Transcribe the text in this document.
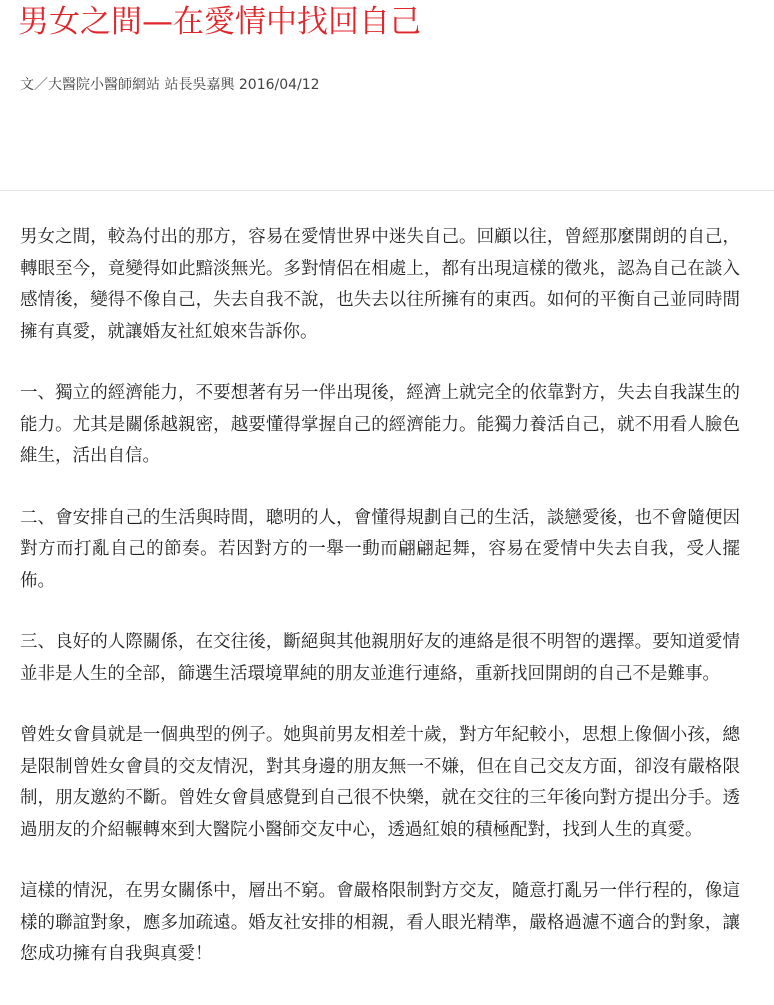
男女之間—在愛情中找回自己
文／大醫院小醫師網站 站長吳嘉興 2016/04/12

男女之間，較為付出的那方，容易在愛情世界中迷失自己。回顧以往，曾經那麼開朗的自己，轉眼至今，竟變得如此黯淡無光。多對情侶在相處上，都有出現這樣的徵兆，認為自己在談入感情後，變得不像自己，失去自我不說，也失去以往所擁有的東西。如何的平衡自己並同時間擁有真愛，就讓婚友社紅娘來告訴你。

一、獨立的經濟能力，不要想著有另一伴出現後，經濟上就完全的依靠對方，失去自我謀生的能力。尤其是關係越親密，越要懂得掌握自己的經濟能力。能獨力養活自己，就不用看人臉色維生，活出自信。

二、會安排自己的生活與時間，聰明的人，會懂得規劃自己的生活，談戀愛後，也不會隨便因對方而打亂自己的節奏。若因對方的一舉一動而翩翩起舞，容易在愛情中失去自我，受人擺佈。

三、良好的人際關係，在交往後，斷絕與其他親朋好友的連絡是很不明智的選擇。要知道愛情並非是人生的全部，篩選生活環境單純的朋友並進行連絡，重新找回開朗的自己不是難事。

曾姓女會員就是一個典型的例子。她與前男友相差十歲，對方年紀較小，思想上像個小孩，總是限制曾姓女會員的交友情況，對其身邊的朋友無一不嫌，但在自己交友方面，卻沒有嚴格限制，朋友邀約不斷。曾姓女會員感覺到自己很不快樂，就在交往的三年後向對方提出分手。透過朋友的介紹輾轉來到大醫院小醫師交友中心，透過紅娘的積極配對，找到人生的真愛。

這樣的情況，在男女關係中，層出不窮。會嚴格限制對方交友，隨意打亂另一伴行程的，像這樣的聯誼對象，應多加疏遠。婚友社安排的相親，看人眼光精準，嚴格過濾不適合的對象，讓您成功擁有自我與真愛！
